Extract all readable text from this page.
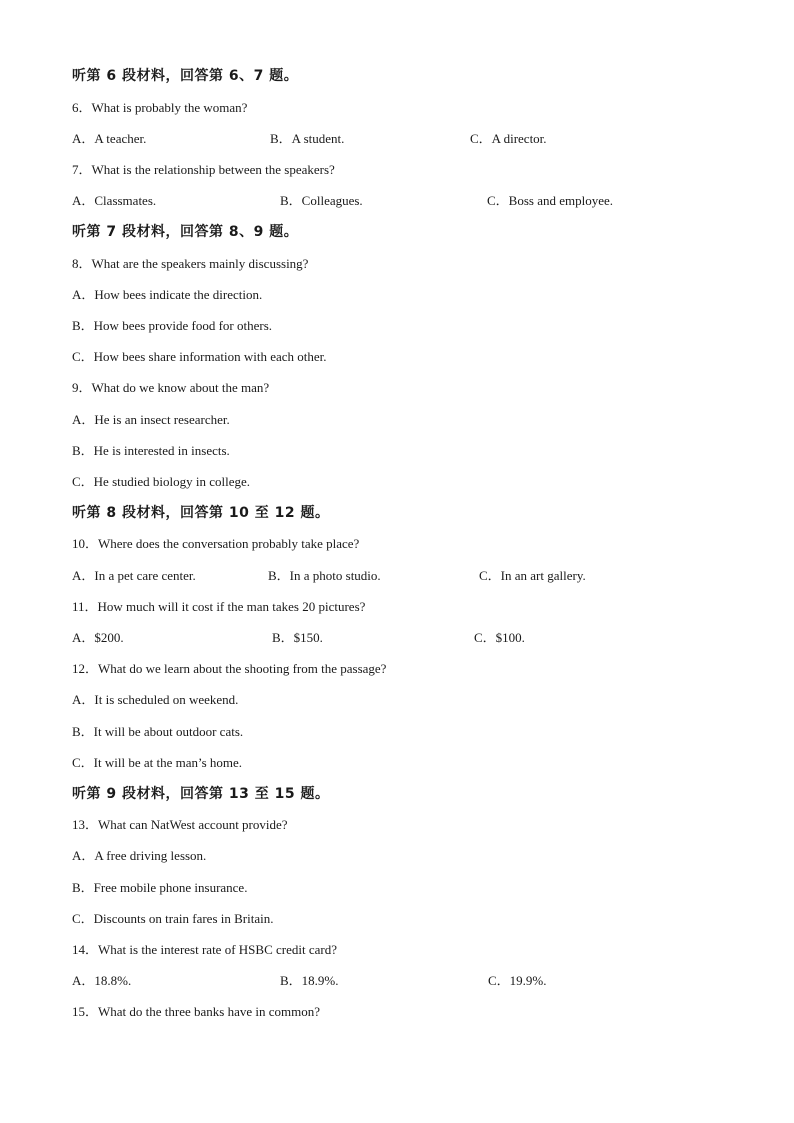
听第 6 段材料，回答第 6、7 题。
6．What is probably the woman?
A．A teacher.	B．A student.	C．A director.
7．What is the relationship between the speakers?
A．Classmates.	B．Colleagues.	C．Boss and employee.
听第 7 段材料，回答第 8、9 题。
8．What are the speakers mainly discussing?
A．How bees indicate the direction.
B．How bees provide food for others.
C．How bees share information with each other.
9．What do we know about the man?
A．He is an insect researcher.
B．He is interested in insects.
C．He studied biology in college.
听第 8 段材料，回答第 10 至 12 题。
10．Where does the conversation probably take place?
A．In a pet care center.	B．In a photo studio.	C．In an art gallery.
11．How much will it cost if the man takes 20 pictures?
A．$200.	B．$150.	C．$100.
12．What do we learn about the shooting from the passage?
A．It is scheduled on weekend.
B．It will be about outdoor cats.
C．It will be at the man’s home.
听第 9 段材料，回答第 13 至 15 题。
13．What can NatWest account provide?
A．A free driving lesson.
B．Free mobile phone insurance.
C．Discounts on train fares in Britain.
14．What is the interest rate of HSBC credit card?
A．18.8%.	B．18.9%.	C．19.9%.
15．What do the three banks have in common?
